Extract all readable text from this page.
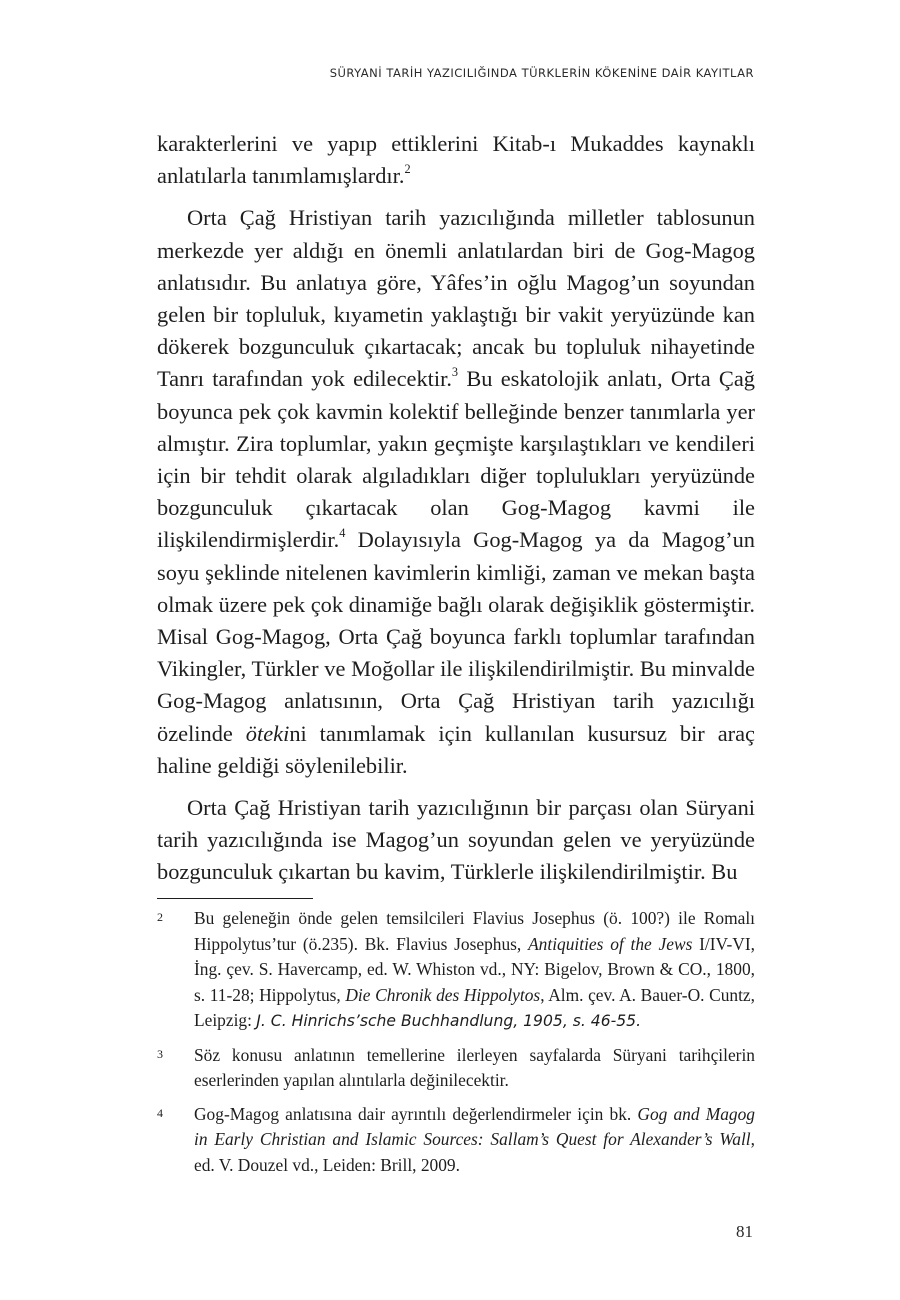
SÜRYANİ TARİH YAZICILIĞINDA TÜRKLERİN KÖKENİNE DAİR KAYITLAR

karakterlerini ve yapıp ettiklerini Kitab-ı Mukaddes kaynaklı anlatılarla tanımlamışlardır.$^2$

Orta Çağ Hristiyan tarih yazıcılığında milletler tablosunun merkezde yer aldığı en önemli anlatılardan biri de Gog-Magog anlatısıdır. Bu anlatıya göre, Yâfes’in oğlu Magog’un soyundan gelen bir topluluk, kıyametin yaklaştığı bir vakit yeryüzünde kan dökerek bozgunculuk çıkartacak; ancak bu topluluk nihayetinde Tanrı tarafından yok edilecektir.$^3$ Bu eskatolojik anlatı, Orta Çağ boyunca pek çok kavmin kolektif belleğinde benzer tanımlarla yer almıştır. Zira toplumlar, yakın geçmişte karşılaştıkları ve kendileri için bir tehdit olarak algıladıkları diğer toplulukları yeryüzünde bozgunculuk çıkartacak olan Gog-Magog kavmi ile ilişkilendirmişlerdir.$^4$ Dolayısıyla Gog-Magog ya da Magog’un soyu şeklinde nitelenen kavimlerin kimliği, zaman ve mekan başta olmak üzere pek çok dinamiğe bağlı olarak değişiklik göstermiştir. Misal Gog-Magog, Orta Çağ boyunca farklı toplumlar tarafından Vikingler, Türkler ve Moğollar ile ilişkilendirilmiştir. Bu minvalde Gog-Magog anlatısının, Orta Çağ Hristiyan tarih yazıcılığı özelinde ötekini tanımlamak için kullanılan kusursuz bir araç haline geldiği söylenilebilir.

Orta Çağ Hristiyan tarih yazıcılığının bir parçası olan Süryani tarih yazıcılığında ise Magog’un soyundan gelen ve yeryüzünde bozgunculuk çıkartan bu kavim, Türklerle ilişkilendirilmiştir. Bu

2	Bu geleneğin önde gelen temsilcileri Flavius Josephus (ö. 100?) ile Romalı Hippolytus’tur (ö.235). Bk. Flavius Josephus, Antiquities of the Jews I/IV-VI, İng. çev. S. Havercamp, ed. W. Whiston vd., NY: Bigelov, Brown & CO., 1800, s. 11-28; Hippolytus, Die Chronik des Hippolytos, Alm. çev. A. Bauer-O. Cuntz, Leipzig: J. C. Hinrichs’sche Buchhandlung, 1905, s. 46-55.
3	Söz konusu anlatının temellerine ilerleyen sayfalarda Süryani tarihçilerin eserlerinden yapılan alıntılarla değinilecektir.
4	Gog-Magog anlatısına dair ayrıntılı değerlendirmeler için bk. Gog and Magog in Early Christian and Islamic Sources: Sallam’s Quest for Alexander’s Wall, ed. V. Douzel vd., Leiden: Brill, 2009.
81
